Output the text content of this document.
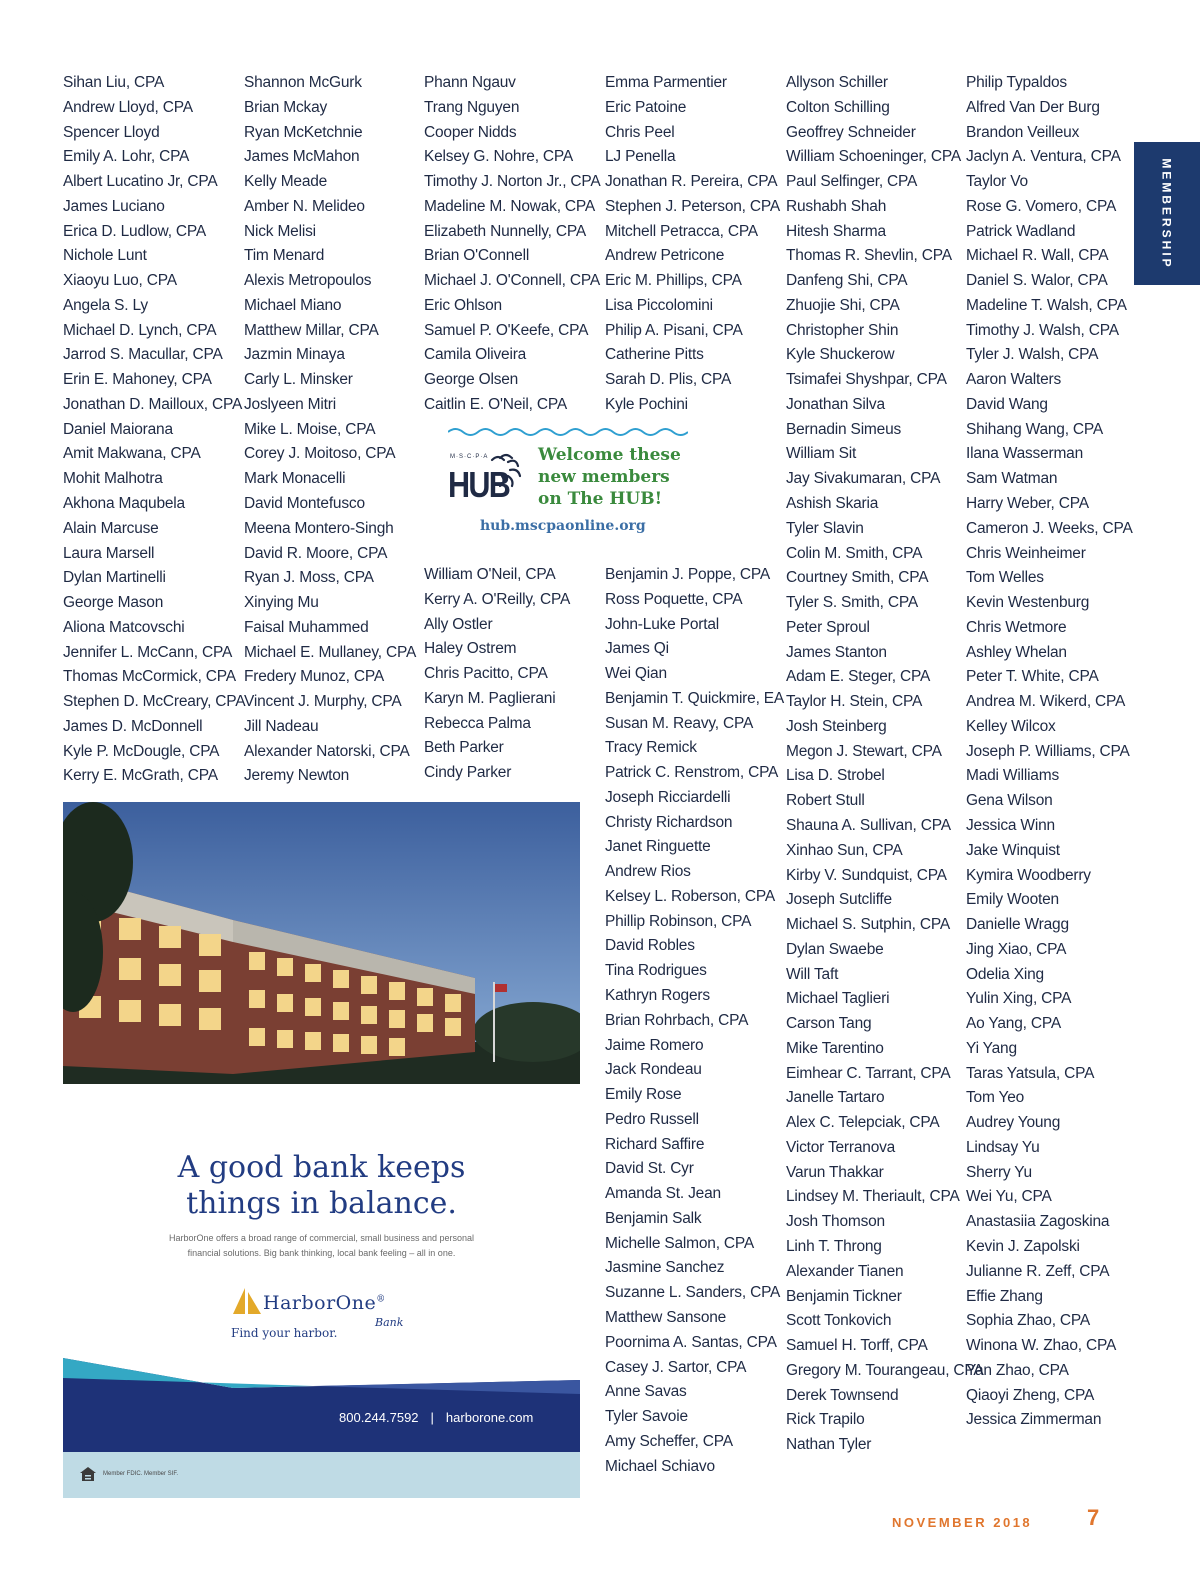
MEMBERSHIP
Sihan Liu, CPA
Andrew Lloyd, CPA
Spencer Lloyd
Emily A. Lohr, CPA
Albert Lucatino Jr, CPA
James Luciano
Erica D. Ludlow, CPA
Nichole Lunt
Xiaoyu Luo, CPA
Angela S. Ly
Michael D. Lynch, CPA
Jarrod S. Macullar, CPA
Erin E. Mahoney, CPA
Jonathan D. Mailloux, CPA
Daniel Maiorana
Amit Makwana, CPA
Mohit Malhotra
Akhona Maqubela
Alain Marcuse
Laura Marsell
Dylan Martinelli
George Mason
Aliona Matcovschi
Jennifer L. McCann, CPA
Thomas McCormick, CPA
Stephen D. McCreary, CPA
James D. McDonnell
Kyle P. McDougle, CPA
Kerry E. McGrath, CPA
Shannon McGurk
Brian Mckay
Ryan McKetchnie
James McMahon
Kelly Meade
Amber N. Melideo
Nick Melisi
Tim Menard
Alexis Metropoulos
Michael Miano
Matthew Millar, CPA
Jazmin Minaya
Carly L. Minsker
Joslyeen Mitri
Mike L. Moise, CPA
Corey J. Moitoso, CPA
Mark Monacelli
David Montefusco
Meena Montero-Singh
David R. Moore, CPA
Ryan J. Moss, CPA
Xinying Mu
Faisal Muhammed
Michael E. Mullaney, CPA
Fredery Munoz, CPA
Vincent J. Murphy, CPA
Jill Nadeau
Alexander Natorski, CPA
Jeremy Newton
Phann Ngauv
Trang Nguyen
Cooper Nidds
Kelsey G. Nohre, CPA
Timothy J. Norton Jr., CPA
Madeline M. Nowak, CPA
Elizabeth Nunnelly, CPA
Brian O'Connell
Michael J. O'Connell, CPA
Eric Ohlson
Samuel P. O'Keefe, CPA
Camila Oliveira
George Olsen
Caitlin E. O'Neil, CPA
William O'Neil, CPA
Kerry A. O'Reilly, CPA
Ally Ostler
Haley Ostrem
Chris Pacitto, CPA
Karyn M. Paglierani
Rebecca Palma
Beth Parker
Cindy Parker
Emma Parmentier
Eric Patoine
Chris Peel
LJ Penella
Jonathan R. Pereira, CPA
Stephen J. Peterson, CPA
Mitchell Petracca, CPA
Andrew Petricone
Eric M. Phillips, CPA
Lisa Piccolomini
Philip A. Pisani, CPA
Catherine Pitts
Sarah D. Plis, CPA
Kyle Pochini
Benjamin J. Poppe, CPA
Ross Poquette, CPA
John-Luke Portal
James Qi
Wei Qian
Benjamin T. Quickmire, EA
Susan M. Reavy, CPA
Tracy Remick
Patrick C. Renstrom, CPA
Joseph Ricciardelli
Christy Richardson
Janet Ringuette
Andrew Rios
Kelsey L. Roberson, CPA
Phillip Robinson, CPA
David Robles
Tina Rodrigues
Kathryn Rogers
Brian Rohrbach, CPA
Jaime Romero
Jack Rondeau
Emily Rose
Pedro Russell
Richard Saffire
David St. Cyr
Amanda St. Jean
Benjamin Salk
Michelle Salmon, CPA
Jasmine Sanchez
Suzanne L. Sanders, CPA
Matthew Sansone
Poornima A. Santas, CPA
Casey J. Sartor, CPA
Anne Savas
Tyler Savoie
Amy Scheffer, CPA
Michael Schiavo
Allyson Schiller
Colton Schilling
Geoffrey Schneider
William Schoeninger, CPA
Paul Selfinger, CPA
Rushabh Shah
Hitesh Sharma
Thomas R. Shevlin, CPA
Danfeng Shi, CPA
Zhuojie Shi, CPA
Christopher Shin
Kyle Shuckerow
Tsimafei Shyshpar, CPA
Jonathan Silva
Bernadin Simeus
William Sit
Jay Sivakumaran, CPA
Ashish Skaria
Tyler Slavin
Colin M. Smith, CPA
Courtney Smith, CPA
Tyler S. Smith, CPA
Peter Sproul
James Stanton
Adam E. Steger, CPA
Taylor H. Stein, CPA
Josh Steinberg
Megon J. Stewart, CPA
Lisa D. Strobel
Robert Stull
Shauna A. Sullivan, CPA
Xinhao Sun, CPA
Kirby V. Sundquist, CPA
Joseph Sutcliffe
Michael S. Sutphin, CPA
Dylan Swaebe
Will Taft
Michael Taglieri
Carson Tang
Mike Tarentino
Eimhear C. Tarrant, CPA
Janelle Tartaro
Alex C. Telepciak, CPA
Victor Terranova
Varun Thakkar
Lindsey M. Theriault, CPA
Josh Thomson
Linh T. Throng
Alexander Tianen
Benjamin Tickner
Scott Tonkovich
Samuel H. Torff, CPA
Gregory M. Tourangeau, CPA
Derek Townsend
Rick Trapilo
Nathan Tyler
Philip Typaldos
Alfred Van Der Burg
Brandon Veilleux
Jaclyn A. Ventura, CPA
Taylor Vo
Rose G. Vomero, CPA
Patrick Wadland
Michael R. Wall, CPA
Daniel S. Walor, CPA
Madeline T. Walsh, CPA
Timothy J. Walsh, CPA
Tyler J. Walsh, CPA
Aaron Walters
David Wang
Shihang Wang, CPA
Ilana Wasserman
Sam Watman
Harry Weber, CPA
Cameron J. Weeks, CPA
Chris Weinheimer
Tom Welles
Kevin Westenburg
Chris Wetmore
Ashley Whelan
Peter T. White, CPA
Andrea M. Wikerd, CPA
Kelley Wilcox
Joseph P. Williams, CPA
Madi Williams
Gena Wilson
Jessica Winn
Jake Winquist
Kymira Woodberry
Emily Wooten
Danielle Wragg
Jing Xiao, CPA
Odelia Xing
Yulin Xing, CPA
Ao Yang, CPA
Yi Yang
Taras Yatsula, CPA
Tom Yeo
Audrey Young
Lindsay Yu
Sherry Yu
Wei Yu, CPA
Anastasiia Zagoskina
Kevin J. Zapolski
Julianne R. Zeff, CPA
Effie Zhang
Sophia Zhao, CPA
Winona W. Zhao, CPA
Yan Zhao, CPA
Qiaoyi Zheng, CPA
Jessica Zimmerman
M·S·C·P·A
HUB
Welcome these
new members
on The HUB!
hub.mscpaonline.org
A good bank keeps
things in balance.
HarborOne offers a broad range of commercial, small business and personal
financial solutions. Big bank thinking, local bank feeling – all in one.
HarborOne®
Bank
Find your harbor.
800.244.7592 | harborone.com
Member FDIC. Member SIF.
NOVEMBER 2018 7
